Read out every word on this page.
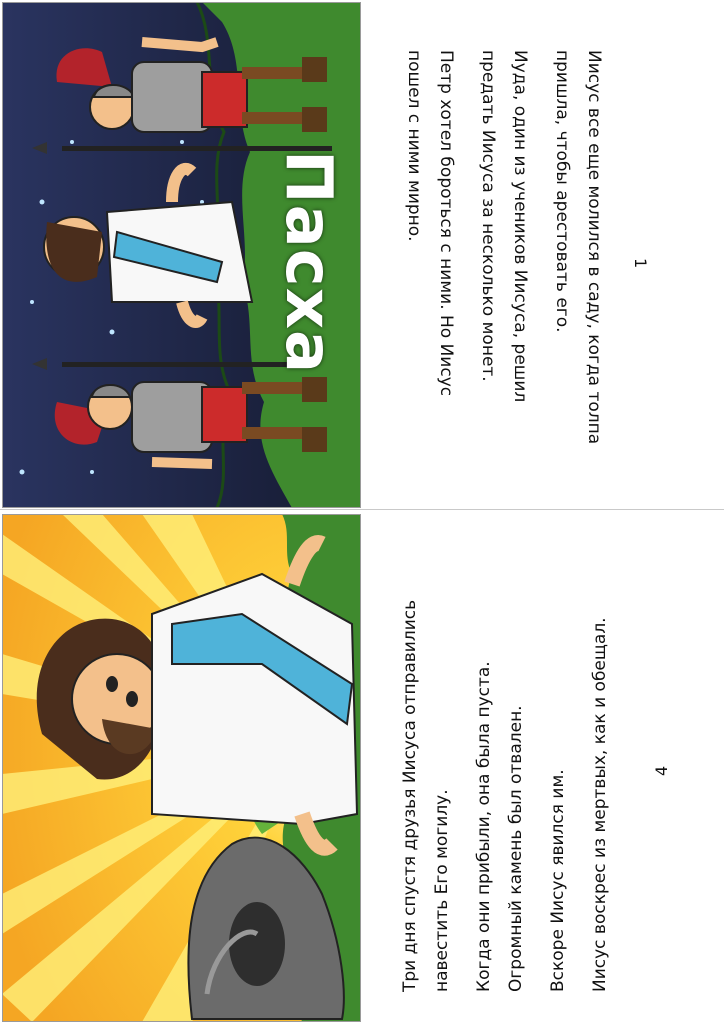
Пасха	Иисус все еще молился в саду, когда толпа
пришла, чтобы арестовать его.
Иуда, один из учеников Иисуса, решил
предать Иисуса за несколько монет.
Петр хотел бороться с ними. Но Иисус
пошел с ними мирно.
1
Три дня спустя друзья Иисуса отправились навестить Его могилу.	Когда они прибыли, она была пуста. Огромный камень был отвален.	Вскоре Иисус явился им.	Иисус воскрес из мертвых, как и обещал.	4
